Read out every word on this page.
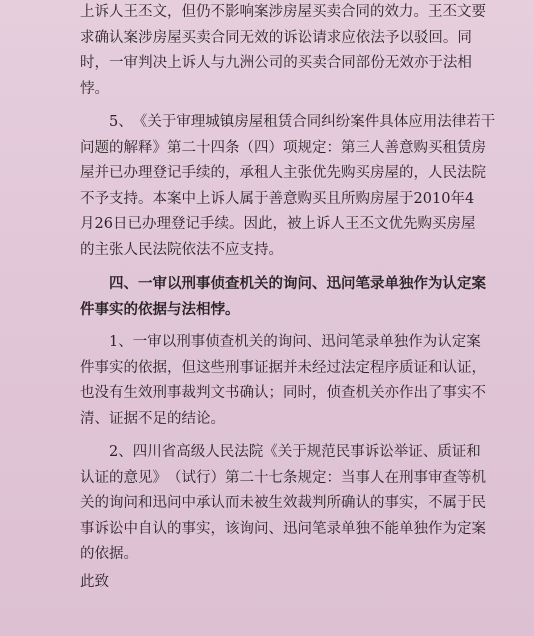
上 诉 人 王 丕 文 ， 但 仍 不 影 响 案 涉 房 屋 买 卖 合 同 的 效 力 。 王 丕 文 要
求 确 认 案 涉 房 屋 买 卖 合 同 无 效 的 诉 讼 请 求 应 依 法 予 以 驳 回 。 同
时 ， 一 审 判 决 上 诉 人 与 九 洲 公 司 的 买 卖 合 同 部 份 无 效 亦 于 法 相
悖。
5 、 《 关 于 审 理 城 镇 房 屋 租 赁 合 同 纠 纷 案 件 具 体 应 用 法 律 若 干
问 题 的 解 释 》 第 二 十 四 条 （ 四 ） 项 规 定 ： 第 三 人 善 意 购 买 租 赁 房
屋 并 已 办 理 登 记 手 续 的 ， 承 租 人 主 张 优 先 购 买 房 屋 的 ， 人 民 法 院
不 予 支 持 。 本 案 中 上 诉 人 属 于 善 意 购 买 且 所 购 房 屋 于 2 0 1 0 年 4
月 2 6 日 已 办 理 登 记 手 续 。 因 此 ， 被 上 诉 人 王 丕 文 优 先 购 买 房 屋
的主张人民法院依法不应支持。
四 、 一 审 以 刑 事 侦 查 机 关 的 询 问 、 迅 问 笔 录 单 独 作 为 认 定 案
件事实的依据与法相悖。
1 、 一 审 以 刑 事 侦 查 机 关 的 询 问 、 迅 问 笔 录 单 独 作 为 认 定 案
件 事 实 的 依 据 ， 但 这 些 刑 事 证 据 并 未 经 过 法 定 程 序 质 证 和 认 证 ，
也 没 有 生 效 刑 事 裁 判 文 书 确 认 ； 同 时 ， 侦 查 机 关 亦 作 出 了 事 实 不
清、证据不足的结论。
2 、 四 川 省 高 级 人 民 法 院 《 关 于 规 范 民 事 诉 讼 举 证 、 质 证 和
认 证 的 意 见 》 （ 试 行 ） 第 二 十 七 条 规 定 ： 当 事 人 在 刑 事 审 查 等 机
关 的 询 问 和 迅 问 中 承 认 而 未 被 生 效 裁 判 所 确 认 的 事 实 ， 不 属 于 民
事 诉 讼 中 自 认 的 事 实 ， 该 询 问 、 迅 问 笔 录 单 独 不 能 单 独 作 为 定 案
的依据。
此致
